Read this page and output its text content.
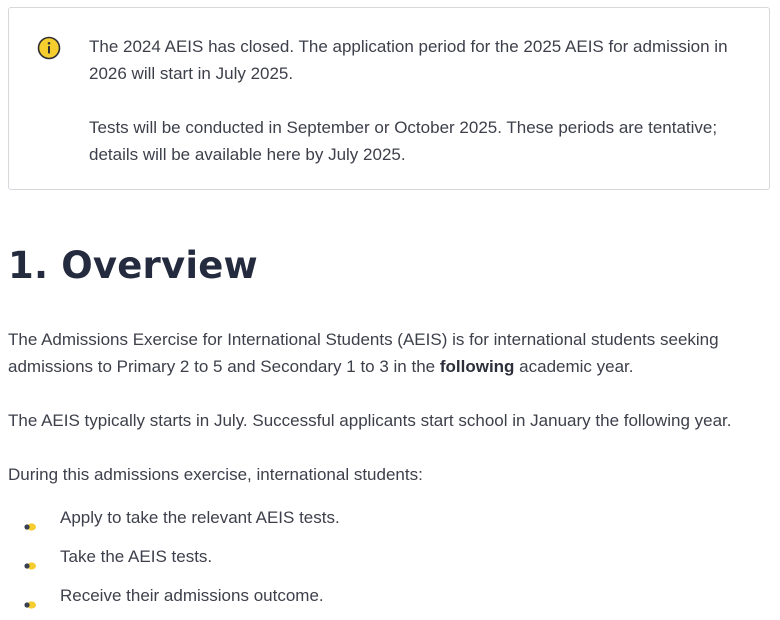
The 2024 AEIS has closed. The application period for the 2025 AEIS for admission in 2026 will start in July 2025.

Tests will be conducted in September or October 2025. These periods are tentative; details will be available here by July 2025.

1. Overview

The Admissions Exercise for International Students (AEIS) is for international students seeking admissions to Primary 2 to 5 and Secondary 1 to 3 in the following academic year.

The AEIS typically starts in July. Successful applicants start school in January the following year.

During this admissions exercise, international students:

Apply to take the relevant AEIS tests.
Take the AEIS tests.
Receive their admissions outcome.
